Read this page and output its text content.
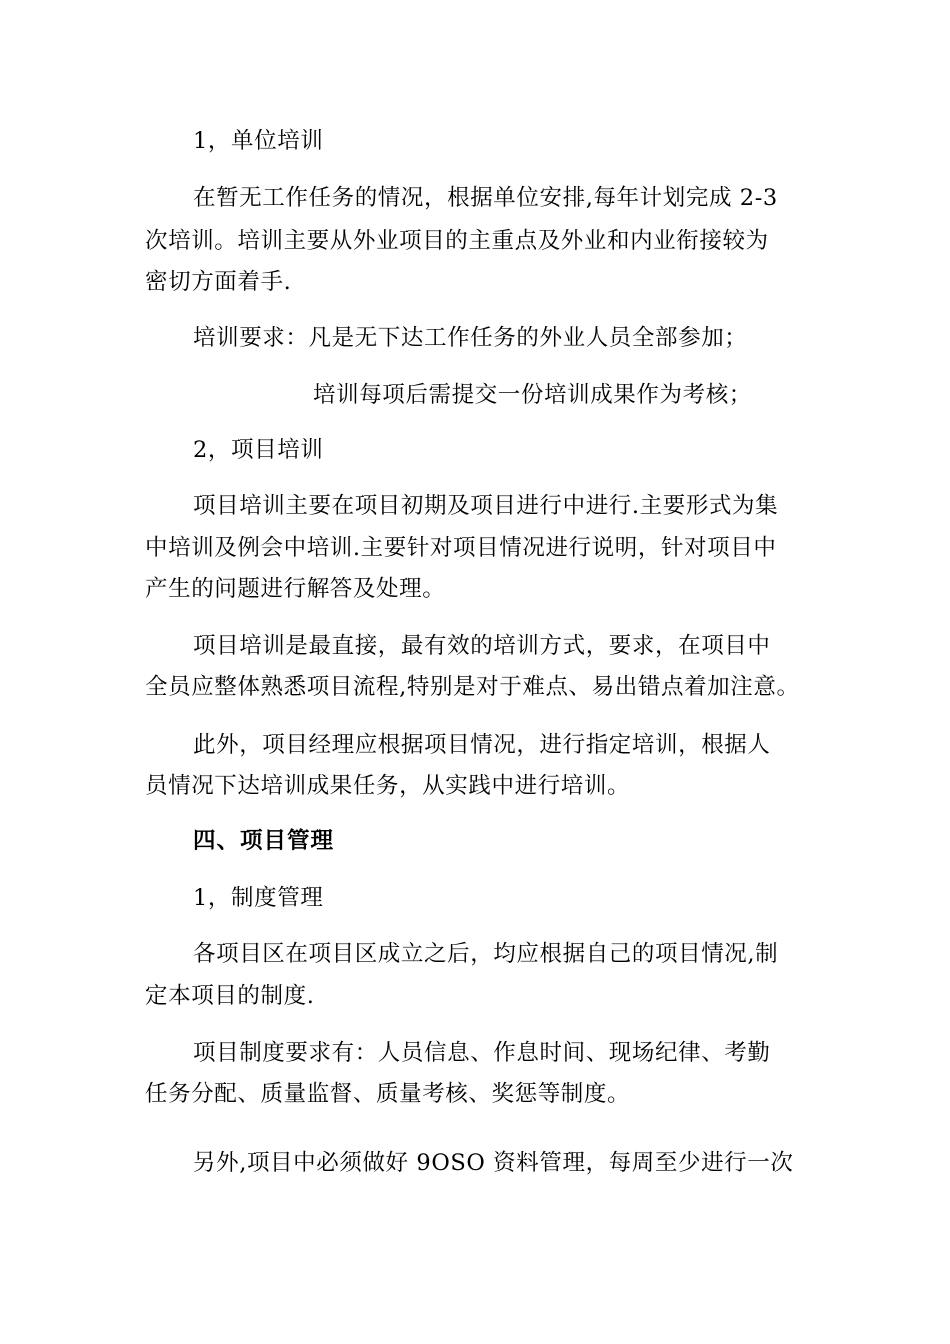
1，单位培训
在暂无工作任务的情况，根据单位安排,每年计划完成 2-3
次培训。培训主要从外业项目的主重点及外业和内业衔接较为
密切方面着手.
培训要求：凡是无下达工作任务的外业人员全部参加；
培训每项后需提交一份培训成果作为考核；
2，项目培训
项目培训主要在项目初期及项目进行中进行.主要形式为集
中培训及例会中培训.主要针对项目情况进行说明，针对项目中
产生的问题进行解答及处理。
项目培训是最直接，最有效的培训方式，要求，在项目中
全员应整体熟悉项目流程,特别是对于难点、易出错点着加注意。
此外，项目经理应根据项目情况，进行指定培训，根据人
员情况下达培训成果任务，从实践中进行培训。
四、项目管理
1，制度管理
各项目区在项目区成立之后，均应根据自己的项目情况,制
定本项目的制度.
项目制度要求有：人员信息、作息时间、现场纪律、考勤
任务分配、质量监督、质量考核、奖惩等制度。
另外,项目中必须做好 9OSO 资料管理，每周至少进行一次
